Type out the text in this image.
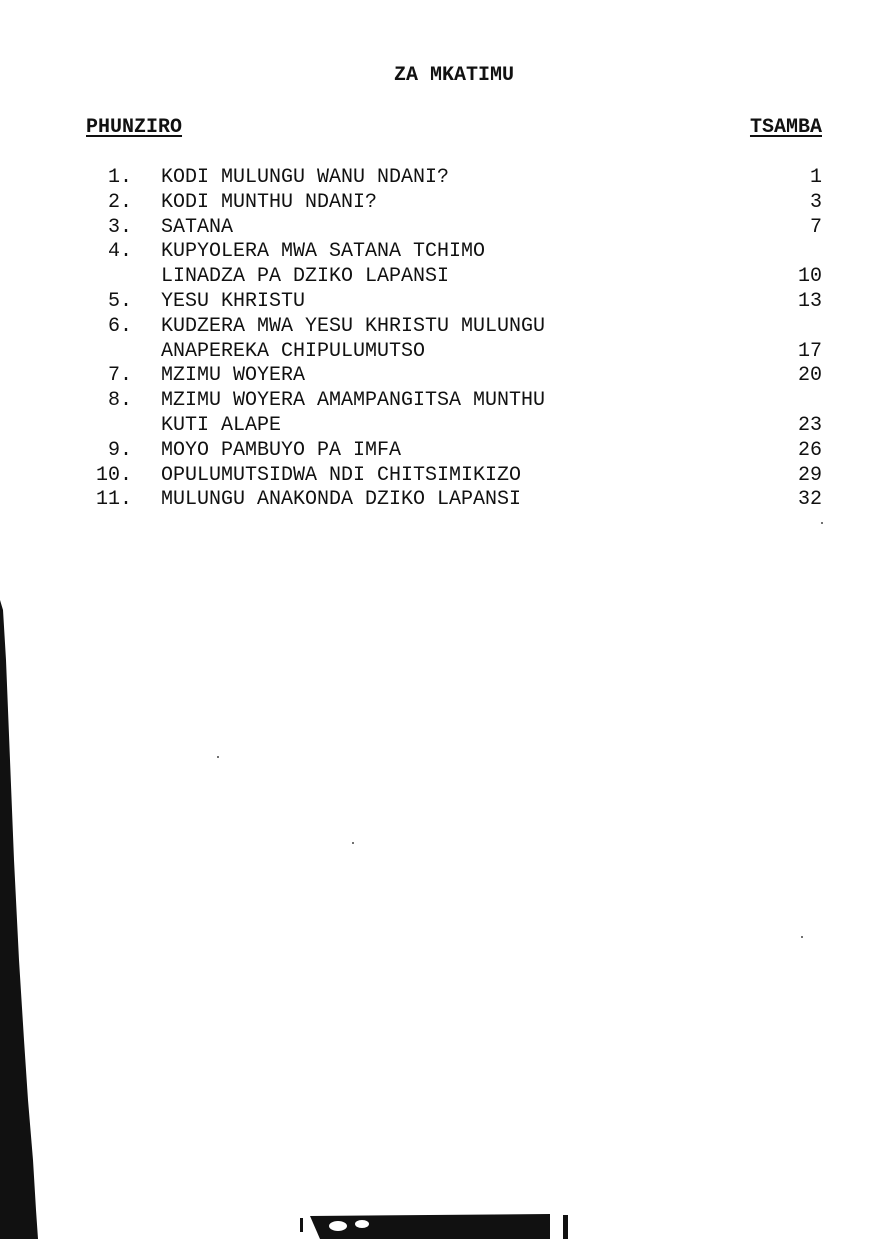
ZA MKATIMU
PHUNZIRO	TSAMBA
1. KODI MULUNGU WANU NDANI?	1
2. KODI MUNTHU NDANI?	3
3. SATANA	7
4. KUPYOLERA MWA SATANA TCHIMO
LINADZA PA DZIKO LAPANSI	10
5. YESU KHRISTU	13
6. KUDZERA MWA YESU KHRISTU MULUNGU
ANAPEREKA CHIPULUMUTSO	17
7. MZIMU WOYERA	20
8. MZIMU WOYERA AMAMPANGITSA MUNTHU
KUTI ALAPE	23
9. MOYO PAMBUYO PA IMFA	26
10. OPULUMUTSIDWA NDI CHITSIMIKIZO	29
11. MULUNGU ANAKONDA DZIKO LAPANSI	32
